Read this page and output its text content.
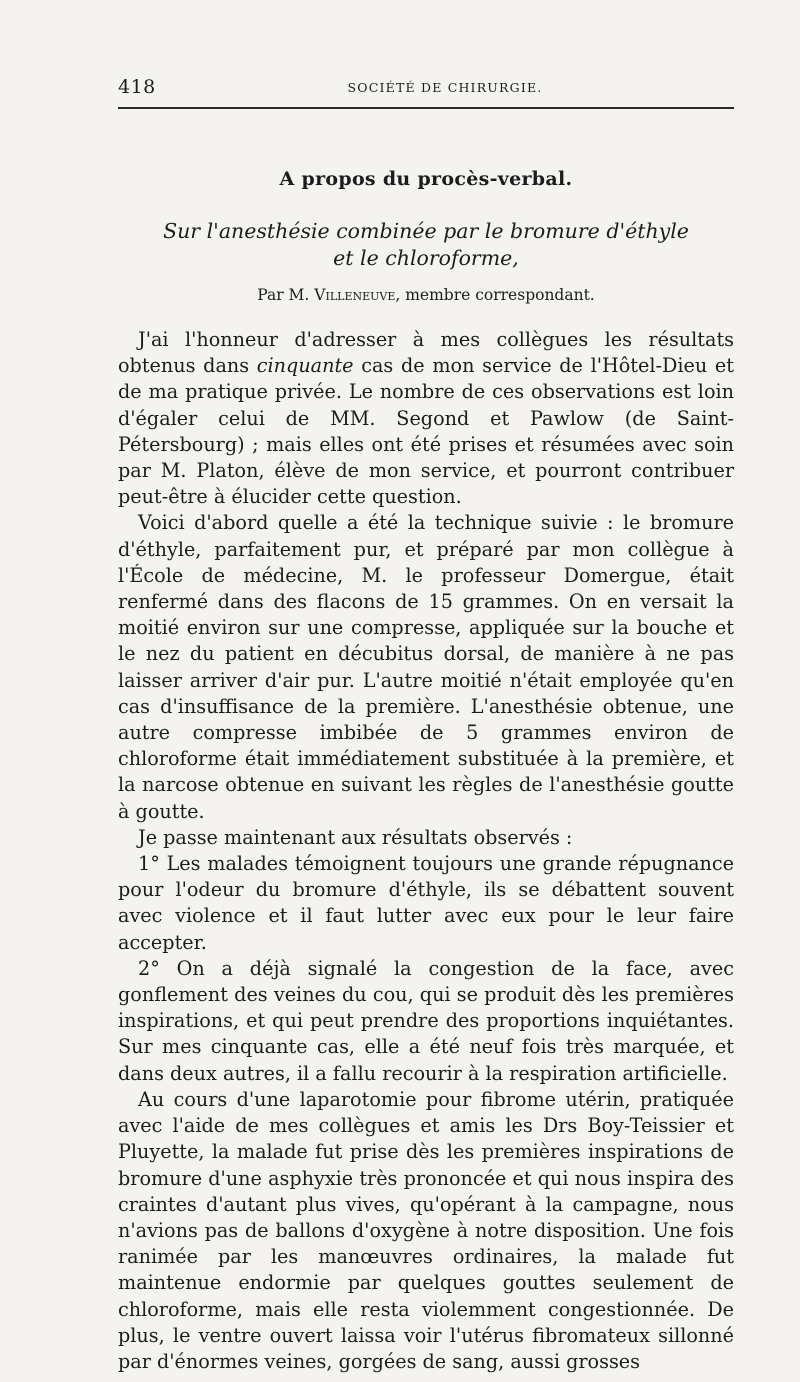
418	SOCIÉTÉ DE CHIRURGIE.
A propos du procès-verbal.
Sur l'anesthésie combinée par le bromure d'éthyle
et le chloroforme,
Par M. Villeneuve, membre correspondant.

J'ai l'honneur d'adresser à mes collègues les résultats obtenus dans cinquante cas de mon service de l'Hôtel-Dieu et de ma pratique privée. Le nombre de ces observations est loin d'égaler celui de MM. Segond et Pawlow (de Saint-Pétersbourg) ; mais elles ont été prises et résumées avec soin par M. Platon, élève de mon service, et pourront contribuer peut-être à élucider cette question.

Voici d'abord quelle a été la technique suivie : le bromure d'éthyle, parfaitement pur, et préparé par mon collègue à l'École de médecine, M. le professeur Domergue, était renfermé dans des flacons de 15 grammes. On en versait la moitié environ sur une compresse, appliquée sur la bouche et le nez du patient en décubitus dorsal, de manière à ne pas laisser arriver d'air pur. L'autre moitié n'était employée qu'en cas d'insuffisance de la première. L'anesthésie obtenue, une autre compresse imbibée de 5 grammes environ de chloroforme était immédiatement substituée à la première, et la narcose obtenue en suivant les règles de l'anesthésie goutte à goutte.

Je passe maintenant aux résultats observés :

1° Les malades témoignent toujours une grande répugnance pour l'odeur du bromure d'éthyle, ils se débattent souvent avec violence et il faut lutter avec eux pour le leur faire accepter.

2° On a déjà signalé la congestion de la face, avec gonflement des veines du cou, qui se produit dès les premières inspirations, et qui peut prendre des proportions inquiétantes. Sur mes cinquante cas, elle a été neuf fois très marquée, et dans deux autres, il a fallu recourir à la respiration artificielle.

Au cours d'une laparotomie pour fibrome utérin, pratiquée avec l'aide de mes collègues et amis les Drs Boy-Teissier et Pluyette, la malade fut prise dès les premières inspirations de bromure d'une asphyxie très prononcée et qui nous inspira des craintes d'autant plus vives, qu'opérant à la campagne, nous n'avions pas de ballons d'oxygène à notre disposition. Une fois ranimée par les manœuvres ordinaires, la malade fut maintenue endormie par quelques gouttes seulement de chloroforme, mais elle resta violemment congestionnée. De plus, le ventre ouvert laissa voir l'utérus fibromateux sillonné par d'énormes veines, gorgées de sang, aussi grosses
